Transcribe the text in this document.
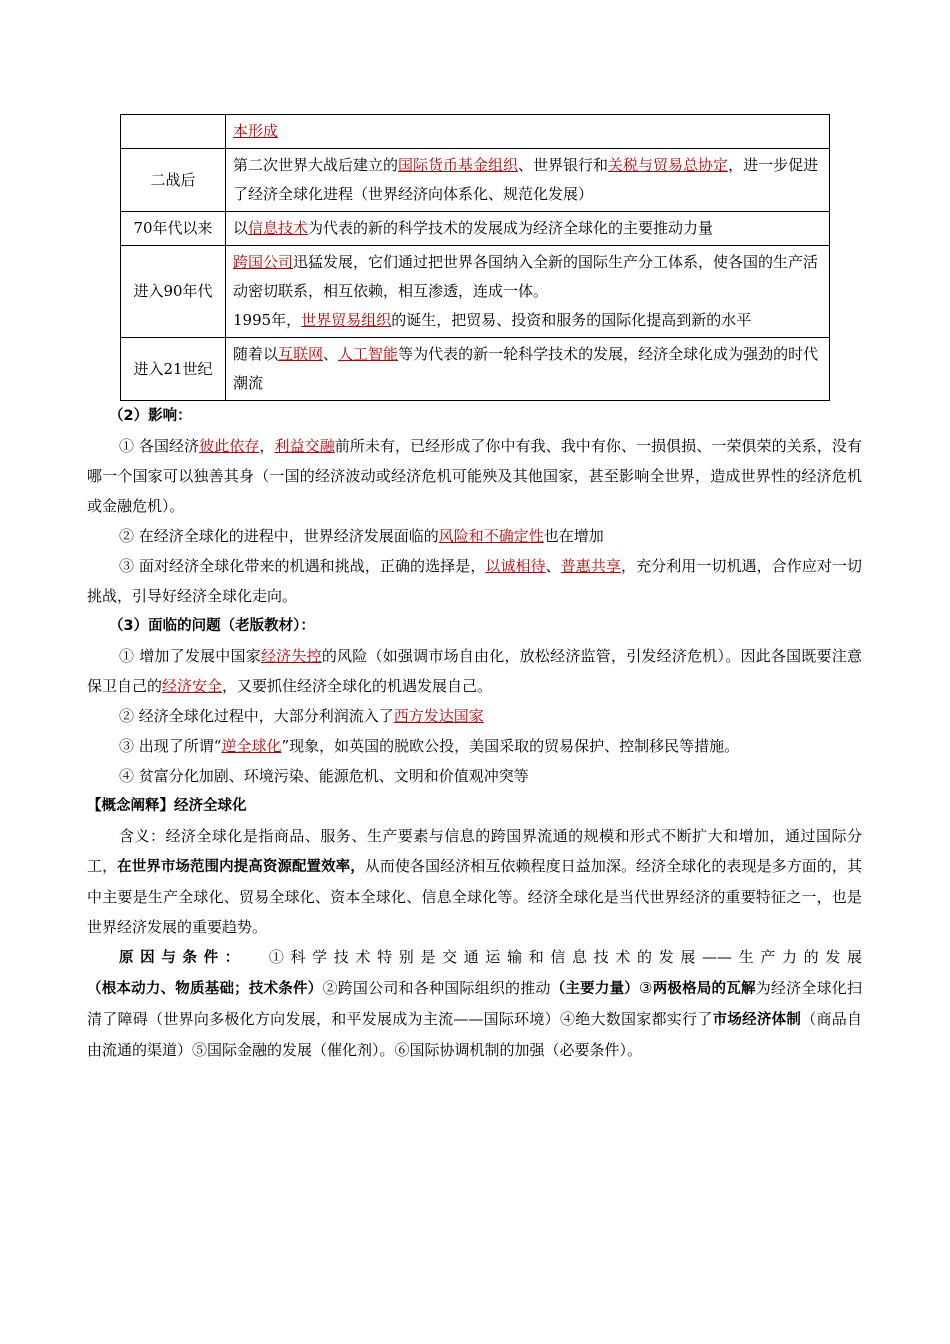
	本形成
二战后	第二次世界大战后建立的国际货币基金组织、世界银行和关税与贸易总协定，进一步促进了经济全球化进程（世界经济向体系化、规范化发展）
70年代以来	以信息技术为代表的新的科学技术的发展成为经济全球化的主要推动力量
进入90年代	跨国公司迅猛发展，它们通过把世界各国纳入全新的国际生产分工体系，使各国的生产活动密切联系，相互依赖，相互渗透，连成一体。
1995年，世界贸易组织的诞生，把贸易、投资和服务的国际化提高到新的水平
进入21世纪	随着以互联网、人工智能等为代表的新一轮科学技术的发展，经济全球化成为强劲的时代潮流
（2）影响：

① 各国经济彼此依存，利益交融前所未有，已经形成了你中有我、我中有你、一损俱损、一荣俱荣的关系，没有哪一个国家可以独善其身（一国的经济波动或经济危机可能殃及其他国家，甚至影响全世界，造成世界性的经济危机或金融危机）。

② 在经济全球化的进程中，世界经济发展面临的风险和不确定性也在增加

③ 面对经济全球化带来的机遇和挑战，正确的选择是，以诚相待、普惠共享，充分利用一切机遇，合作应对一切挑战，引导好经济全球化走向。

（3）面临的问题（老版教材）：

① 增加了发展中国家经济失控的风险（如强调市场自由化，放松经济监管，引发经济危机）。因此各国既要注意保卫自己的经济安全，又要抓住经济全球化的机遇发展自己。

② 经济全球化过程中，大部分利润流入了西方发达国家

③ 出现了所谓“逆全球化”现象，如英国的脱欧公投，美国采取的贸易保护、控制移民等措施。

④ 贫富分化加剧、环境污染、能源危机、文明和价值观冲突等

【概念阐释】经济全球化

含义：经济全球化是指商品、服务、生产要素与信息的跨国界流通的规模和形式不断扩大和增加，通过国际分工，在世界市场范围内提高资源配置效率，从而使各国经济相互依赖程度日益加深。经济全球化的表现是多方面的，其中主要是生产全球化、贸易全球化、资本全球化、信息全球化等。经济全球化是当代世界经济的重要特征之一，也是世界经济发展的重要趋势。

原因与条件： ①科学技术特别是交通运输和信息技术的发展——生产力的发展（根本动力、物质基础；技术条件）②跨国公司和各种国际组织的推动（主要力量）③两极格局的瓦解为经济全球化扫清了障碍（世界向多极化方向发展，和平发展成为主流——国际环境）④绝大数国家都实行了市场经济体制（商品自由流通的渠道）⑤国际金融的发展（催化剂）。⑥国际协调机制的加强（必要条件）。
